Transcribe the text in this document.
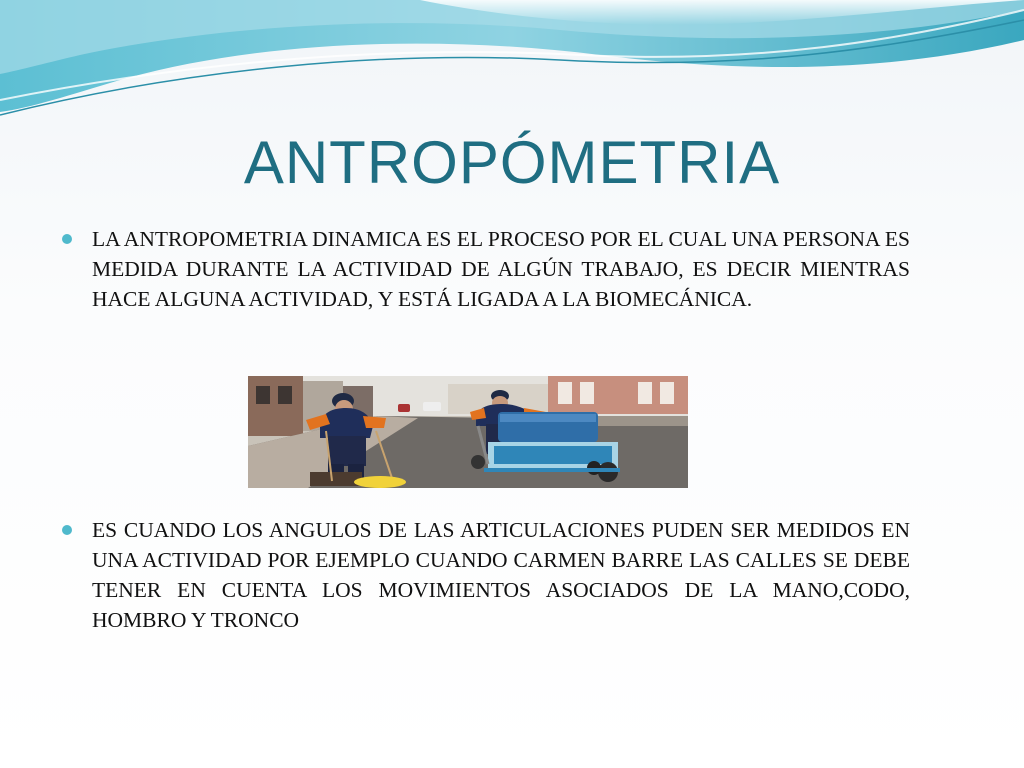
ANTROPÓMETRIA

LA ANTROPOMETRIA DINAMICA ES EL PROCESO POR EL CUAL UNA PERSONA ES MEDIDA DURANTE LA ACTIVIDAD DE ALGÚN TRABAJO, ES DECIR MIENTRAS HACE ALGUNA ACTIVIDAD, Y ESTÁ LIGADA A LA BIOMECÁNICA.

ES CUANDO LOS ANGULOS DE LAS ARTICULACIONES PUDEN SER MEDIDOS EN UNA ACTIVIDAD POR EJEMPLO CUANDO CARMEN BARRE LAS CALLES SE DEBE TENER EN CUENTA LOS MOVIMIENTOS ASOCIADOS DE LA MANO,CODO, HOMBRO Y TRONCO
